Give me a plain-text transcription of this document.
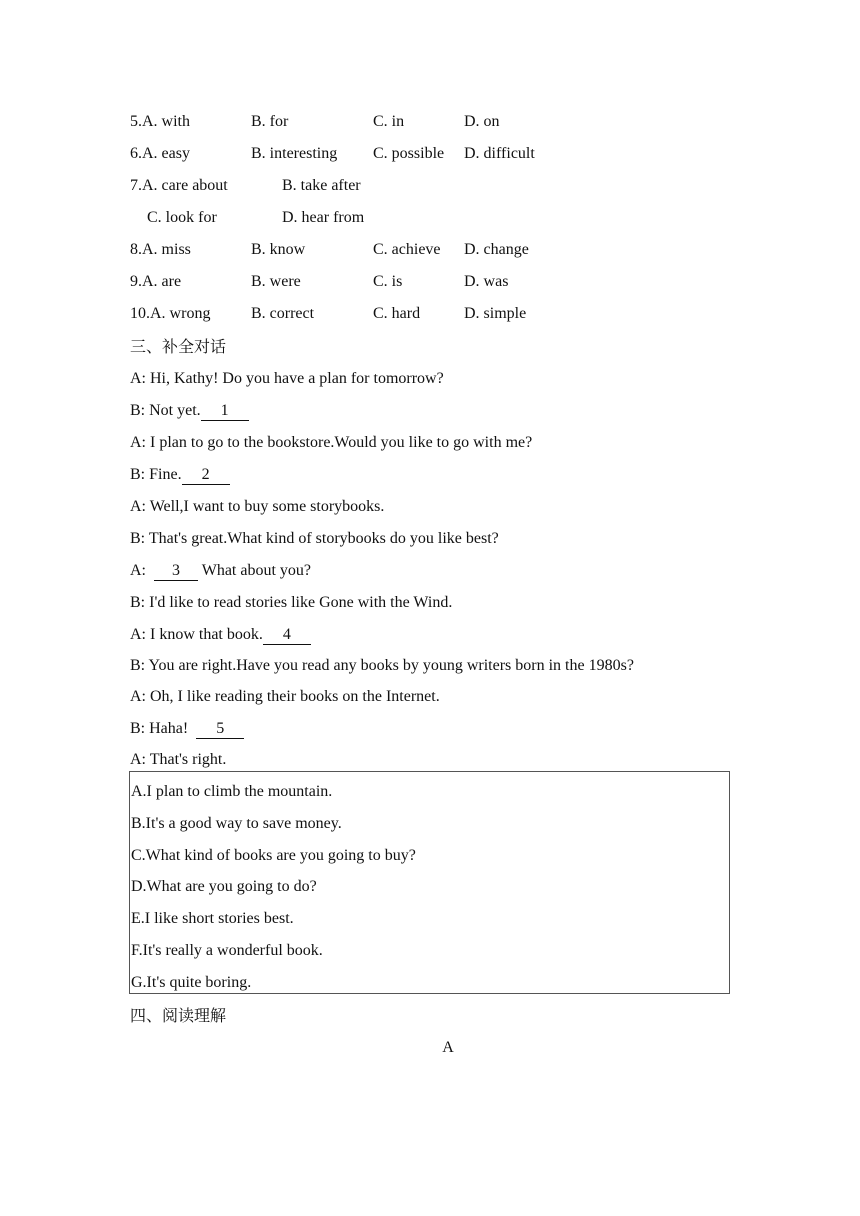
5.A. with	B. for	C. in	D. on
6.A. easy	B. interesting C. possible D. difficult
7.A. care about	B. take after
C. look for	D. hear from
8.A. miss	B. know	C. achieve D. change
9.A. are	B. were	C. is	D. was
10.A. wrong	B. correct	C. hard	D. simple
三、补全对话
A: Hi, Kathy! Do you have a plan for tomorrow?
B: Not yet. 1
A: I plan to go to the bookstore.Would you like to go with me?
B: Fine. 2
A: Well,I want to buy some storybooks.
B: That's great.What kind of storybooks do you like best?
A:  3 What about you?
B: I'd like to read stories like Gone with the Wind.
A: I know that book. 4
B: You are right.Have you read any books by young writers born in the 1980s?
A: Oh, I like reading their books on the Internet.
B: Haha!  5
A: That's right.
A.I plan to climb the mountain.
B.It's a good way to save money.
C.What kind of books are you going to buy?
D.What are you going to do?
E.I like short stories best.
F.It's really a wonderful book.
G.It's quite boring.
四、阅读理解
A
